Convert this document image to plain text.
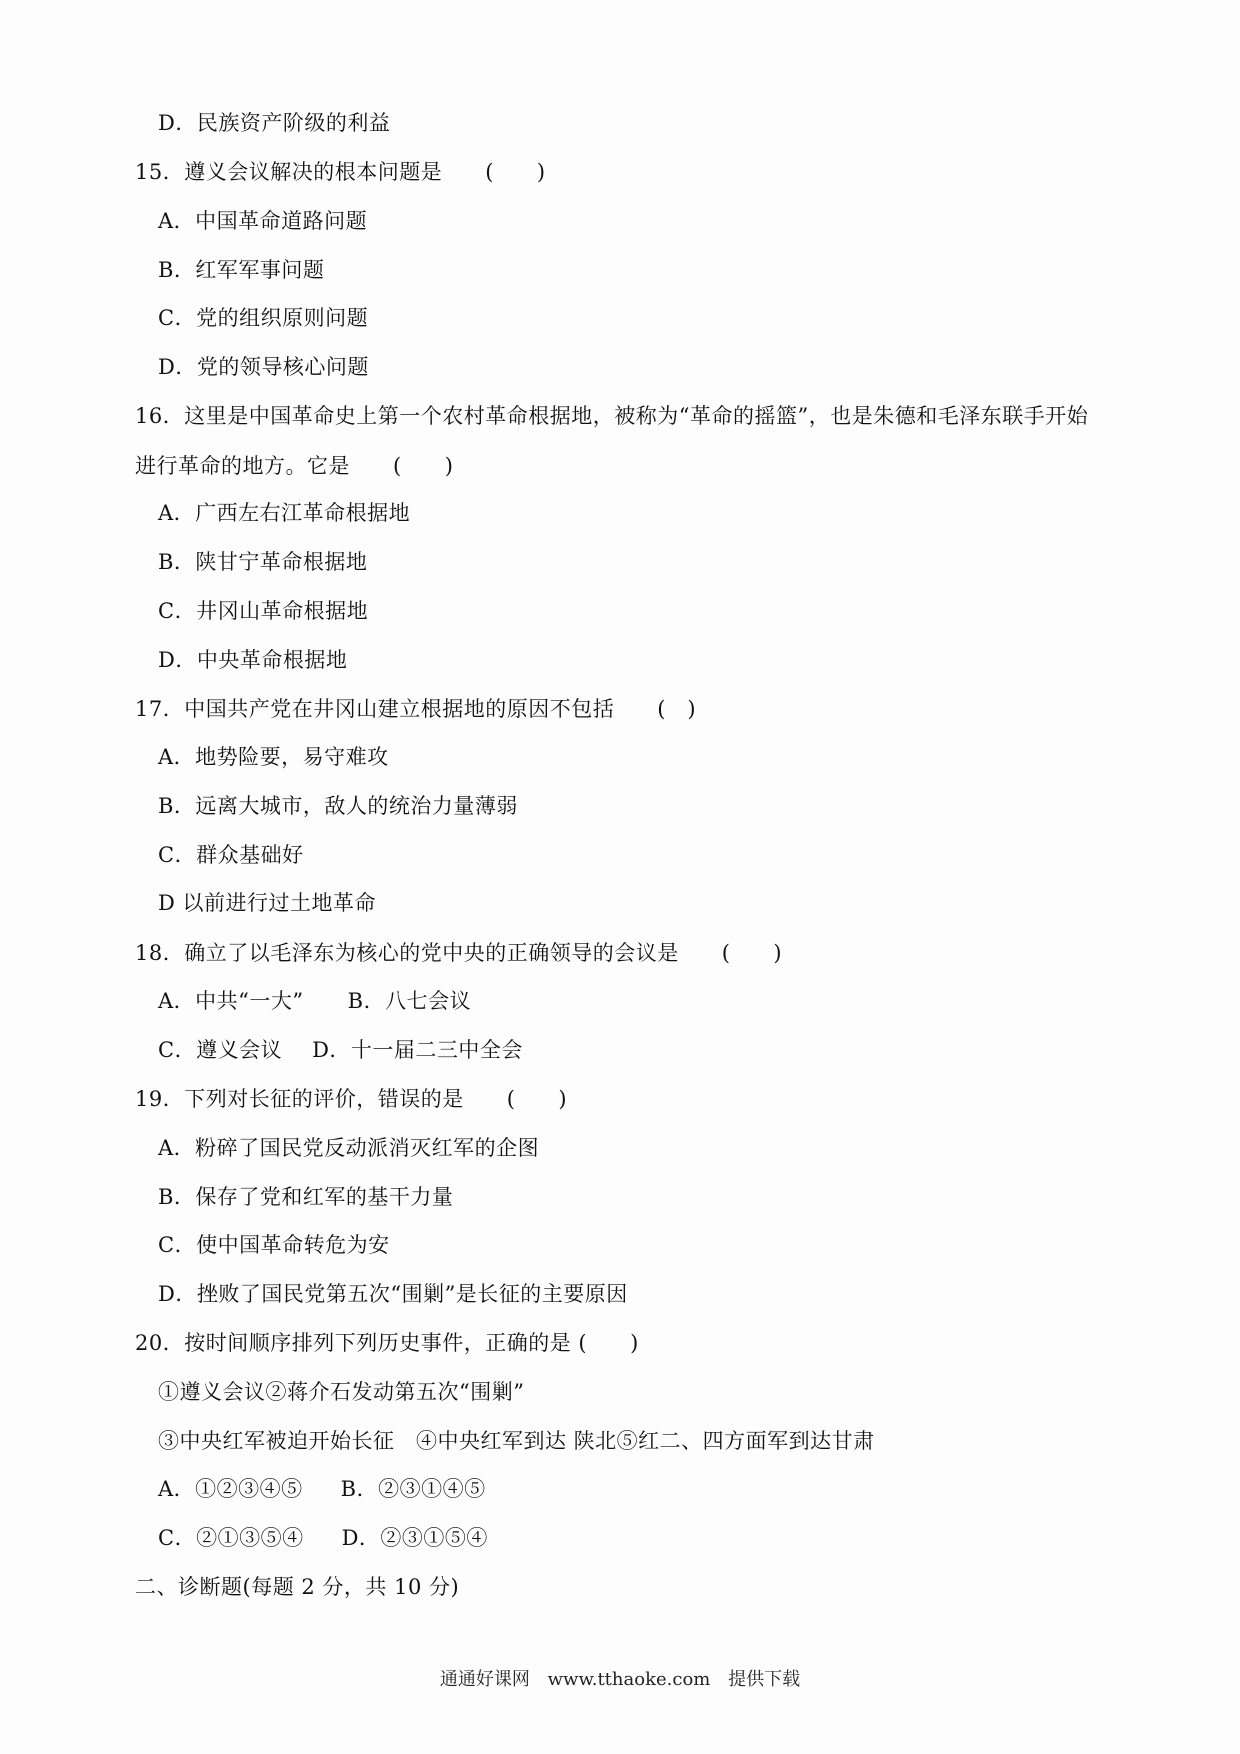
D．民族资产阶级的利益
15．遵义会议解决的根本问题是　　(　　)
A．中国革命道路问题
B．红军军事问题
C．党的组织原则问题
D．党的领导核心问题
16．这里是中国革命史上第一个农村革命根据地，被称为“革命的摇篮”，也是朱德和毛泽东联手开始
进行革命的地方。它是　　(　　)
A．广西左右江革命根据地
B．陕甘宁革命根据地
C．井冈山革命根据地
D．中央革命根据地
17．中国共产党在井冈山建立根据地的原因不包括　　(　)
A．地势险要，易守难攻
B．远离大城市，敌人的统治力量薄弱
C．群众基础好
D 以前进行过土地革命
18．确立了以毛泽东为核心的党中央的正确领导的会议是　　(　　)
A．中共“一大” B．八七会议
C．遵义会议 D．十一届二三中全会
19．下列对长征的评价，错误的是　　(　　)
A．粉碎了国民党反动派消灭红军的企图
B．保存了党和红军的基干力量
C．使中国革命转危为安
D．挫败了国民党第五次“围剿”是长征的主要原因
20．按时间顺序排列下列历史事件，正确的是 (　　)
①遵义会议②蒋介石发动第五次“围剿”
③中央红军被迫开始长征　④中央红军到达 陕北⑤红二、四方面军到达甘肃
A．①②③④⑤ B．②③①④⑤
C．②①③⑤④ D．②③①⑤④
二、诊断题(每题 2 分，共 10 分)
通通好课网 www.tthaoke.com 提供下载
